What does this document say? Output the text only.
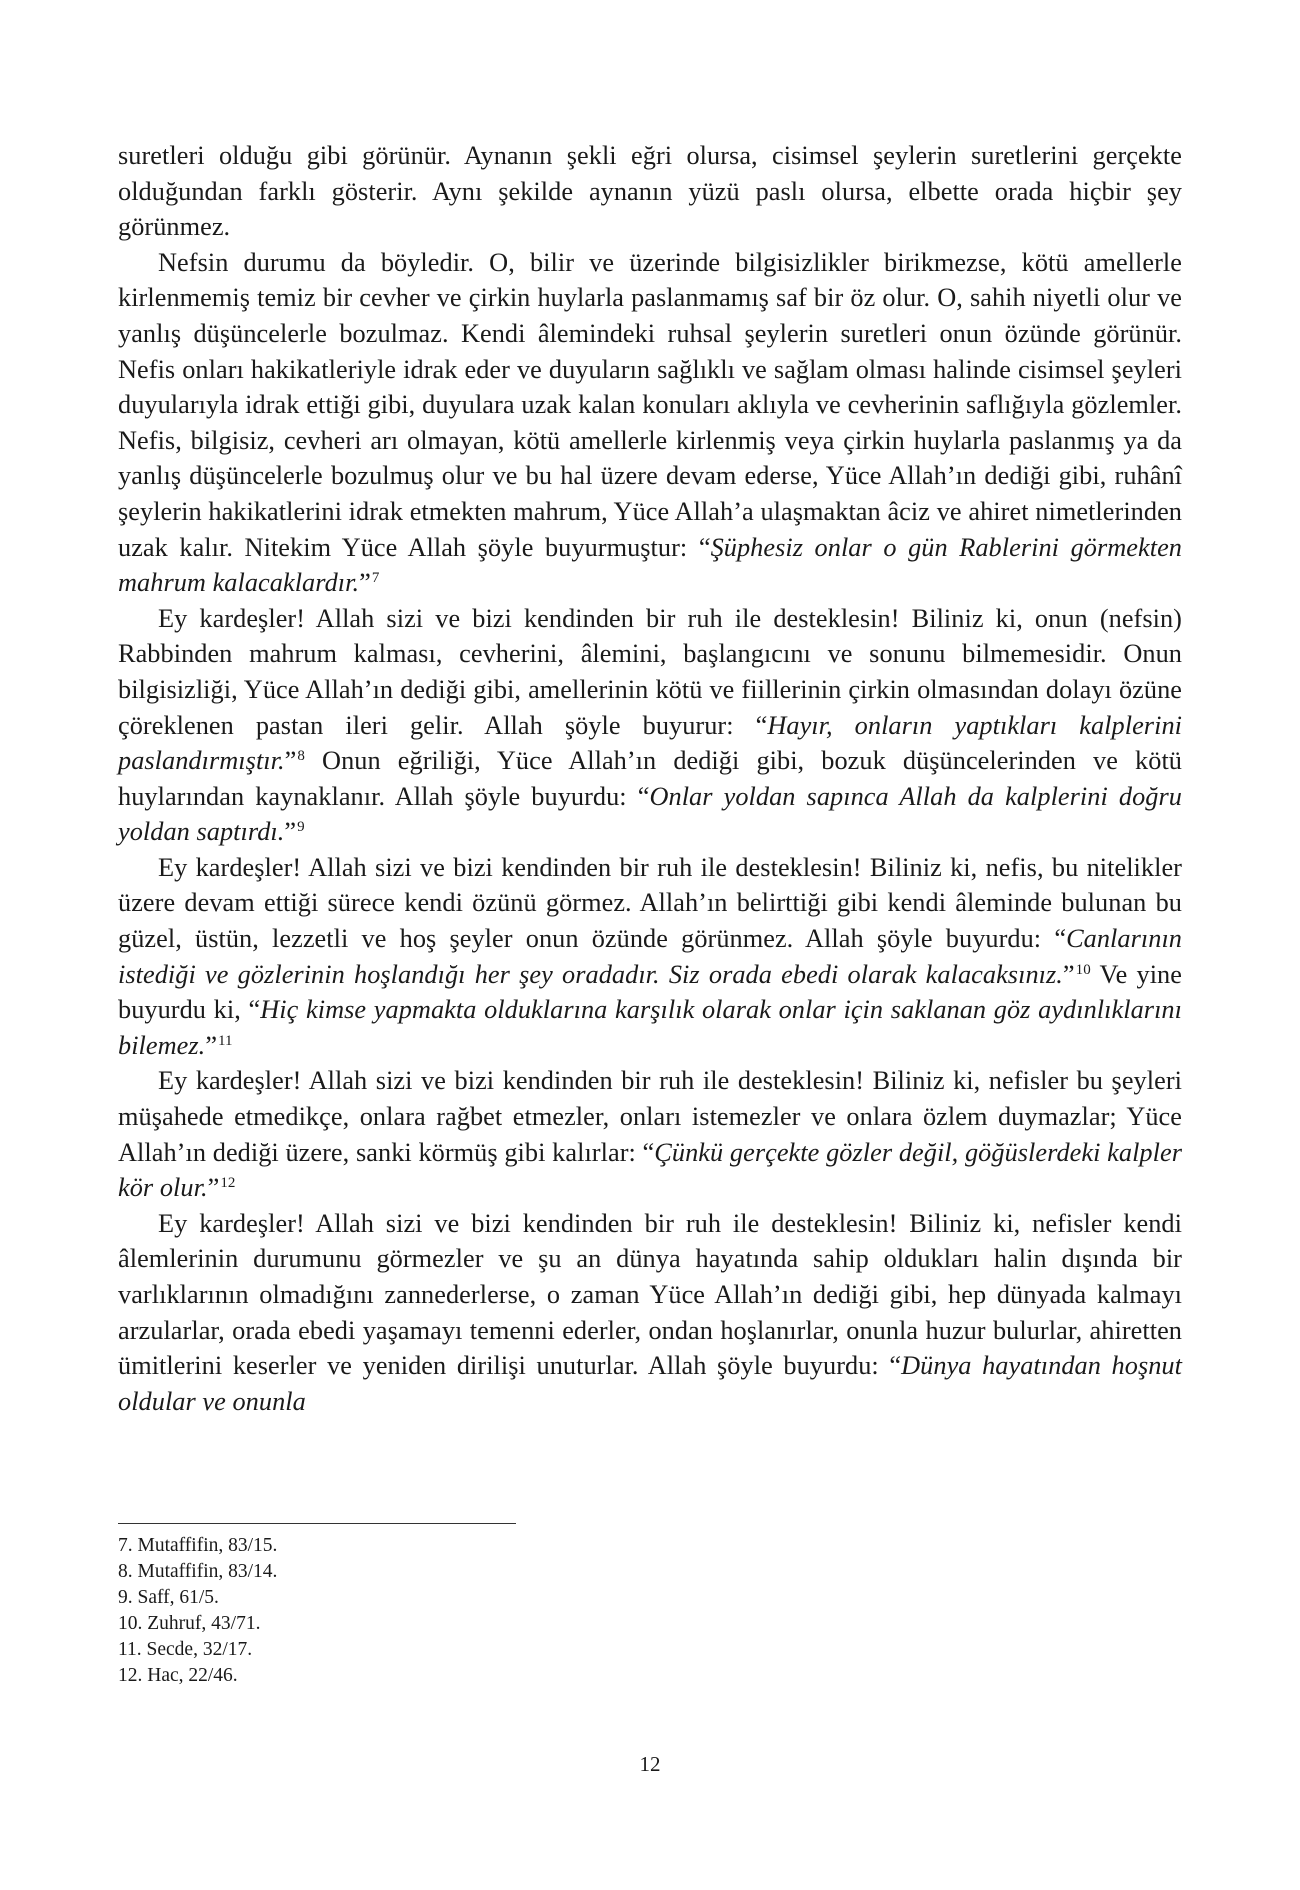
suretleri olduğu gibi görünür. Aynanın şekli eğri olursa, cisimsel şeylerin suretlerini gerçekte olduğundan farklı gösterir. Aynı şekilde aynanın yüzü paslı olursa, elbette orada hiçbir şey görünmez.

Nefsin durumu da böyledir. O, bilir ve üzerinde bilgisizlikler birikmezse, kötü amellerle kirlenmemiş temiz bir cevher ve çirkin huylarla paslanmamış saf bir öz olur. O, sahih niyetli olur ve yanlış düşüncelerle bozulmaz. Kendi âlemindeki ruhsal şeylerin suretleri onun özünde görünür. Nefis onları hakikatleriyle idrak eder ve duyuların sağlıklı ve sağlam olması halinde cisimsel şeyleri duyularıyla idrak ettiği gibi, duyulara uzak kalan konuları aklıyla ve cevherinin saflığıyla gözlemler. Nefis, bilgisiz, cevheri arı olmayan, kötü amellerle kirlenmiş veya çirkin huylarla paslanmış ya da yanlış düşüncelerle bozulmuş olur ve bu hal üzere devam ederse, Yüce Allah’ın dediği gibi, ruhânî şeylerin hakikatlerini idrak etmekten mahrum, Yüce Allah’a ulaşmaktan âciz ve ahiret nimetlerinden uzak kalır. Nitekim Yüce Allah şöyle buyurmuştur: “Şüphesiz onlar o gün Rablerini görmekten mahrum kalacaklardır.”$^7$

Ey kardeşler! Allah sizi ve bizi kendinden bir ruh ile desteklesin! Biliniz ki, onun (nefsin) Rabbinden mahrum kalması, cevherini, âlemini, başlangıcını ve sonunu bilmemesidir. Onun bilgisizliği, Yüce Allah’ın dediği gibi, amellerinin kötü ve fiillerinin çirkin olmasından dolayı özüne çöreklenen pastan ileri gelir. Allah şöyle buyurur: “Hayır, onların yaptıkları kalplerini paslandırmıştır.”$^8$ Onun eğriliği, Yüce Allah’ın dediği gibi, bozuk düşüncelerinden ve kötü huylarından kaynaklanır. Allah şöyle buyurdu: “Onlar yoldan sapınca Allah da kalplerini doğru yoldan saptırdı.”$^9$

Ey kardeşler! Allah sizi ve bizi kendinden bir ruh ile desteklesin! Biliniz ki, nefis, bu nitelikler üzere devam ettiği sürece kendi özünü görmez. Allah’ın belirttiği gibi kendi âleminde bulunan bu güzel, üstün, lezzetli ve hoş şeyler onun özünde görünmez. Allah şöyle buyurdu: “Canlarının istediği ve gözlerinin hoşlandığı her şey oradadır. Siz orada ebedi olarak kalacaksınız.”$^{10}$ Ve yine buyurdu ki, “Hiç kimse yapmakta olduklarına karşılık olarak onlar için saklanan göz aydınlıklarını bilemez.”$^{11}$

Ey kardeşler! Allah sizi ve bizi kendinden bir ruh ile desteklesin! Biliniz ki, nefisler bu şeyleri müşahede etmedikçe, onlara rağbet etmezler, onları istemezler ve onlara özlem duymazlar; Yüce Allah’ın dediği üzere, sanki körmüş gibi kalırlar: “Çünkü gerçekte gözler değil, göğüslerdeki kalpler kör olur.”$^{12}$

Ey kardeşler! Allah sizi ve bizi kendinden bir ruh ile desteklesin! Biliniz ki, nefisler kendi âlemlerinin durumunu görmezler ve şu an dünya hayatında sahip oldukları halin dışında bir varlıklarının olmadığını zannederlerse, o zaman Yüce Allah’ın dediği gibi, hep dünyada kalmayı arzularlar, orada ebedi yaşamayı temenni ederler, ondan hoşlanırlar, onunla huzur bulurlar, ahiretten ümitlerini keserler ve yeniden dirilişi unuturlar. Allah şöyle buyurdu: “Dünya hayatından hoşnut oldular ve onunla

7. Mutaffifin, 83/15.
8. Mutaffifin, 83/14.
9. Saff, 61/5.
10. Zuhruf, 43/71.
11. Secde, 32/17.
12. Hac, 22/46.
12
